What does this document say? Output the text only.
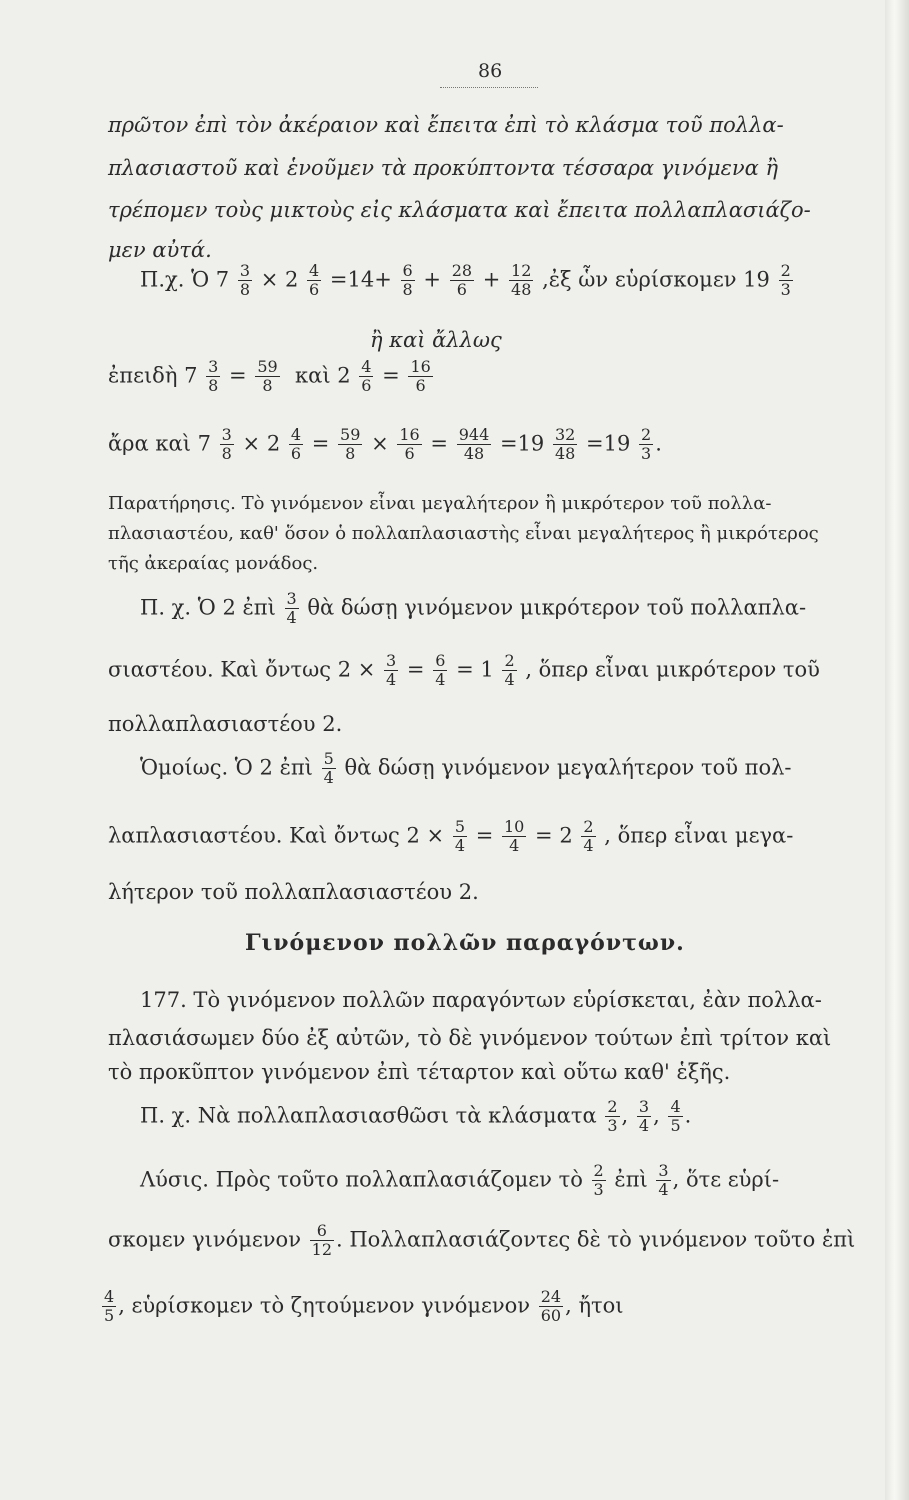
86
πρῶτον ἐπὶ τὸν ἀκέραιον καὶ ἔπειτα ἐπὶ τὸ κλάσμα τοῦ πολλα-
πλασιαστοῦ καὶ ἑνοῦμεν τὰ προκύπτοντα τέσσαρα γινόμενα ἢ
τρέπομεν τοὺς μικτοὺς εἰς κλάσματα καὶ ἔπειτα πολλαπλασιάζο-
μεν αὐτά.
Π.χ. Ὁ $7 \frac{3}{8} \times 2 \frac{4}{6} =14+ \frac{6}{8} + \frac{28}{6} + \frac{12}{48}$ ,ἐξ ὧν εὑρίσκομεν $19 \frac{2}{3}$
ἢ καὶ ἄλλως
ἐπειδὴ $7 \frac{3}{8} = \frac{59}{8}$ καὶ $2 \frac{4}{6} = \frac{16}{6}$
ἄρα καὶ $7 \frac{3}{8} \times 2 \frac{4}{6} = \frac{59}{8} \times \frac{16}{6} = \frac{944}{48} =19 \frac{32}{48} =19 \frac{2}{3}$ .
Παρατήρησις. Τὸ γινόμενον εἶναι μεγαλήτερον ἢ μικρότερον τοῦ πολλα-
πλασιαστέου, καθ' ὅσον ὁ πολλαπλασιαστὴς εἶναι μεγαλήτερος ἢ μικρότερος
τῆς ἀκεραίας μονάδος.
Π. χ. Ὁ 2 ἐπὶ $\frac{3}{4}$ θὰ δώσῃ γινόμενον μικρότερον τοῦ πολλαπλα-
σιαστέου. Καὶ ὄντως $2 \times \frac{3}{4} = \frac{6}{4} = 1 \frac{2}{4}$ , ὅπερ εἶναι μικρότερον τοῦ
πολλαπλασιαστέου 2.
Ὁμοίως. Ὁ 2 ἐπὶ $\frac{5}{4}$ θὰ δώσῃ γινόμενον μεγαλήτερον τοῦ πολ-
λαπλασιαστέου. Καὶ ὄντως $2 \times \frac{5}{4} = \frac{10}{4} = 2 \frac{2}{4}$ , ὅπερ εἶναι μεγα-
λήτερον τοῦ πολλαπλασιαστέου 2.
Γινόμενον πολλῶν παραγόντων.
177. Τὸ γινόμενον πολλῶν παραγόντων εὑρίσκεται, ἐὰν πολλα-
πλασιάσωμεν δύο ἐξ αὐτῶν, τὸ δὲ γινόμενον τούτων ἐπὶ τρίτον καὶ
τὸ προκῦπτον γινόμενον ἐπὶ τέταρτον καὶ οὕτω καθ' ἑξῆς.
Π. χ. Νὰ πολλαπλασιασθῶσι τὰ κλάσματα $\frac{2}{3}$ , $\frac{3}{4}$ , $\frac{4}{5}$ .
Λύσις. Πρὸς τοῦτο πολλαπλασιάζομεν τὸ $\frac{2}{3}$ ἐπὶ $\frac{3}{4}$ , ὅτε εὑρί-
σκομεν γινόμενον $\frac{6}{12}$ . Πολλαπλασιάζοντες δὲ τὸ γινόμενον τοῦτο ἐπὶ
$\frac{4}{5}$ , εὑρίσκομεν τὸ ζητούμενον γινόμενον $\frac{24}{60}$ , ἤτοι
